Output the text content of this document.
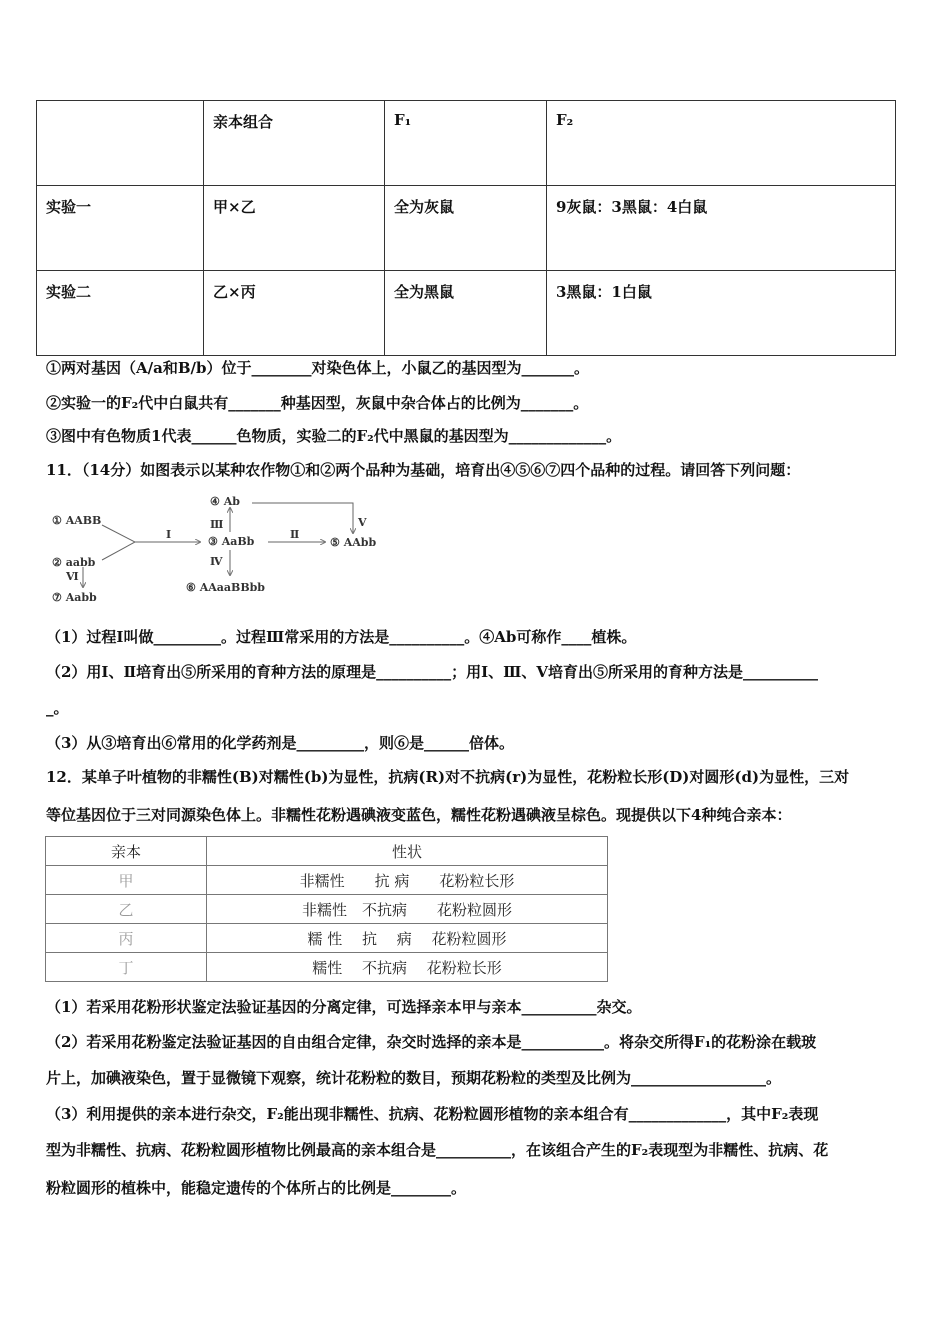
	亲本组合	F₁	F₂
实验一	甲×乙	全为灰鼠	9灰鼠：3黑鼠：4白鼠
实验二	乙×丙	全为黑鼠	3黑鼠：1白鼠
①两对基因（A/a和B/b）位于________对染色体上，小鼠乙的基因型为_______。
②实验一的F₂代中白鼠共有_______种基因型，灰鼠中杂合体占的比例为_______。
③图中有色物质1代表______色物质，实验二的F₂代中黑鼠的基因型为_____________。
11．（14分）如图表示以某种农作物①和②两个品种为基础，培育出④⑤⑥⑦四个品种的过程。请回答下列问题：
① AABB
② aabb
③ AaBb
④ Ab
⑤ AAbb
⑥ AAaaBBbb
⑦ Aabb
Ⅰ	Ⅱ
Ⅲ
Ⅳ
Ⅴ
Ⅵ
（1）过程Ⅰ叫做_________。过程Ⅲ常采用的方法是__________。④Ab可称作____植株。
（2）用Ⅰ、Ⅱ培育出⑤所采用的育种方法的原理是__________；用Ⅰ、Ⅲ、Ⅴ培育出⑤所采用的育种方法是__________
_。
（3）从③培育出⑥常用的化学药剂是_________，则⑥是______倍体。
12．某单子叶植物的非糯性(B)对糯性(b)为显性，抗病(R)对不抗病(r)为显性，花粉粒长形(D)对圆形(d)为显性，三对
等位基因位于三对同源染色体上。非糯性花粉遇碘液变蓝色，糯性花粉遇碘液呈棕色。现提供以下4种纯合亲本：
亲本	性状
甲	非糯性　　抗 病　　花粉粒长形
乙	非糯性　不抗病　　花粉粒圆形
丙	糯 性　 抗　 病　 花粉粒圆形
丁	糯性　 不抗病　 花粉粒长形
（1）若采用花粉形状鉴定法验证基因的分离定律，可选择亲本甲与亲本__________杂交。
（2）若采用花粉鉴定法验证基因的自由组合定律，杂交时选择的亲本是___________。将杂交所得F₁的花粉涂在载玻
片上，加碘液染色，置于显微镜下观察，统计花粉粒的数目，预期花粉粒的类型及比例为__________________。
（3）利用提供的亲本进行杂交，F₂能出现非糯性、抗病、花粉粒圆形植物的亲本组合有_____________，其中F₂表现
型为非糯性、抗病、花粉粒圆形植物比例最高的亲本组合是__________，在该组合产生的F₂表现型为非糯性、抗病、花
粉粒圆形的植株中，能稳定遗传的个体所占的比例是________。
